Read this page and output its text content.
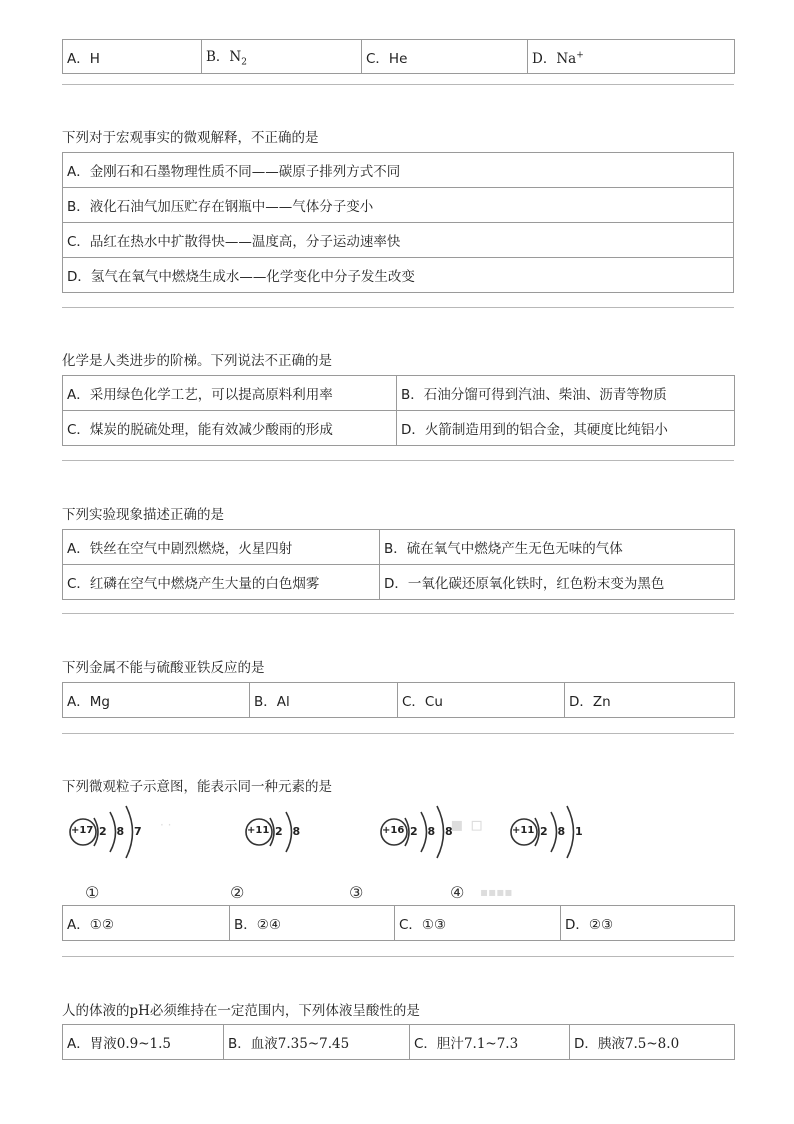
A．H	B．$N_2$	C．He	D．Na+
下列对于宏观事实的微观解释，不正确的是
A．金刚石和石墨物理性质不同——碳原子排列方式不同
B．液化石油气加压贮存在钢瓶中——气体分子变小
C．品红在热水中扩散得快——温度高，分子运动速率快
D．氢气在氧气中燃烧生成水——化学变化中分子发生改变
化学是人类进步的阶梯。下列说法不正确的是
A．采用绿色化学工艺，可以提高原料利用率	B．石油分馏可得到汽油、柴油、沥青等物质
C．煤炭的脱硫处理，能有效减少酸雨的形成	D．火箭制造用到的铝合金，其硬度比纯铝小
下列实验现象描述正确的是
A．铁丝在空气中剧烈燃烧，火星四射	B．硫在氧气中燃烧产生无色无味的气体
C．红磷在空气中燃烧产生大量的白色烟雾	D．一氧化碳还原氧化铁时，红色粉末变为黑色
下列金属不能与硫酸亚铁反应的是
A．Mg	B．Al	C．Cu	D．Zn
下列微观粒子示意图，能表示同一种元素的是
· ·	▪ ▫
▪▪▪▪
+17 2 8 7	+11 2 8	+16 2 8 8	+11 2 8 1
①	②	③	④
A．①②	B．②④	C．①③	D．②③
人的体液的pH必须维持在一定范围内，下列体液呈酸性的是
A．胃液0.9~1.5	B．血液7.35~7.45	C．胆汁7.1~7.3	D．胰液7.5~8.0
